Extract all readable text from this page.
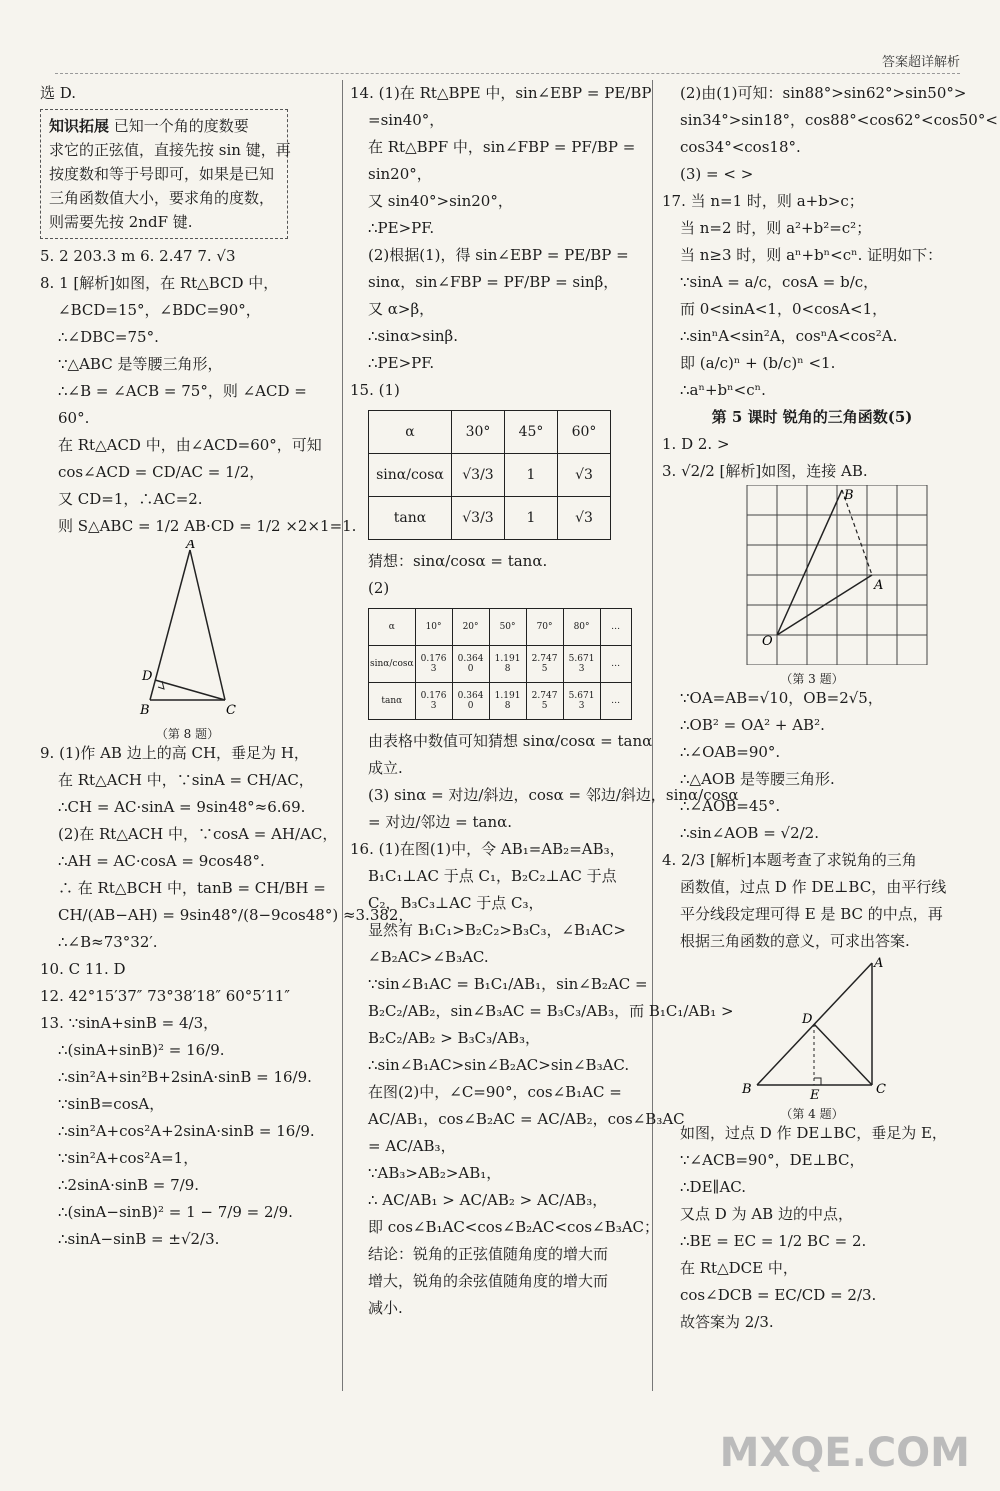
答案超详解析

选 D.

知识拓展 已知一个角的度数要

求它的正弦值，直接先按 sin 键，再

按度数和等于号即可，如果是已知

三角函数值大小，要求角的度数，

则需要先按 2ndF 键.

5. 2 203.3 m 6. 2.47 7. √3

8. 1 [解析]如图，在 Rt△BCD 中，

∠BCD=15°，∠BDC=90°，

∴∠DBC=75°.

∵△ABC 是等腰三角形，

∴∠B = ∠ACB = 75°，则 ∠ACD =

60°.

在 Rt△ACD 中，由∠ACD=60°，可知

cos∠ACD = CD/AC = 1/2，

又 CD=1，∴AC=2.

则 S△ABC = 1/2 AB·CD = 1/2 ×2×1=1.

A
D
B	C
（第 8 题）

9. (1)作 AB 边上的高 CH，垂足为 H，

在 Rt△ACH 中，∵sinA = CH/AC，

∴CH = AC·sinA = 9sin48°≈6.69.

(2)在 Rt△ACH 中，∵cosA = AH/AC，

∴AH = AC·cosA = 9cos48°.

∴ 在 Rt△BCH 中，tanB = CH/BH =

CH/(AB−AH) = 9sin48°/(8−9cos48°) ≈3.382，

∴∠B≈73°32′.

10. C 11. D

12. 42°15′37″ 73°38′18″ 60°5′11″

13. ∵sinA+sinB = 4/3，

∴(sinA+sinB)² = 16/9.

∴sin²A+sin²B+2sinA·sinB = 16/9.

∵sinB=cosA，

∴sin²A+cos²A+2sinA·sinB = 16/9.

∵sin²A+cos²A=1，

∴2sinA·sinB = 7/9.

∴(sinA−sinB)² = 1 − 7/9 = 2/9.

∴sinA−sinB = ±√2/3.

14. (1)在 Rt△BPE 中，sin∠EBP = PE/BP

=sin40°，

在 Rt△BPF 中，sin∠FBP = PF/BP =

sin20°，

又 sin40°>sin20°，

∴PE>PF.

(2)根据(1)，得 sin∠EBP = PE/BP =

sinα，sin∠FBP = PF/BP = sinβ，

又 α>β，

∴sinα>sinβ.

∴PE>PF.

15. (1)

α	30°	45°	60°
sinα/cosα	√3/3	1	√3
tanα	√3/3	1	√3

猜想：sinα/cosα = tanα.

(2)

α	10°	20°	50°	70°	80°	…
sinα/cosα	0.176 3	0.364 0	1.191 8	2.747 5	5.671 3	…
tanα	0.176 3	0.364 0	1.191 8	2.747 5	5.671 3	…

由表格中数值可知猜想 sinα/cosα = tanα

成立.

(3) sinα = 对边/斜边，cosα = 邻边/斜边，sinα/cosα

= 对边/邻边 = tanα.

16. (1)在图(1)中，令 AB₁=AB₂=AB₃，

B₁C₁⊥AC 于点 C₁，B₂C₂⊥AC 于点

C₂，B₃C₃⊥AC 于点 C₃，

显然有 B₁C₁>B₂C₂>B₃C₃，∠B₁AC>

∠B₂AC>∠B₃AC.

∵sin∠B₁AC = B₁C₁/AB₁，sin∠B₂AC =

B₂C₂/AB₂，sin∠B₃AC = B₃C₃/AB₃，而 B₁C₁/AB₁ >

B₂C₂/AB₂ > B₃C₃/AB₃，

∴sin∠B₁AC>sin∠B₂AC>sin∠B₃AC.

在图(2)中，∠C=90°，cos∠B₁AC =

AC/AB₁，cos∠B₂AC = AC/AB₂，cos∠B₃AC

= AC/AB₃，

∵AB₃>AB₂>AB₁，

∴ AC/AB₁ > AC/AB₂ > AC/AB₃，

即 cos∠B₁AC<cos∠B₂AC<cos∠B₃AC；

结论：锐角的正弦值随角度的增大而

增大，锐角的余弦值随角度的增大而

减小.

(2)由(1)可知：sin88°>sin62°>sin50°>

sin34°>sin18°，cos88°<cos62°<cos50°<

cos34°<cos18°.

(3) = < >

17. 当 n=1 时，则 a+b>c；

当 n=2 时，则 a²+b²=c²；

当 n≥3 时，则 aⁿ+bⁿ<cⁿ. 证明如下：

∵sinA = a/c，cosA = b/c，

而 0<sinA<1，0<cosA<1，

∴sinⁿA<sin²A，cosⁿA<cos²A.

即 (a/c)ⁿ + (b/c)ⁿ <1.

∴aⁿ+bⁿ<cⁿ.

第 5 课时 锐角的三角函数(5)

1. D 2. >

3. √2/2 [解析]如图，连接 AB.

B
A
O
（第 3 题）

∵OA=AB=√10，OB=2√5，

∴OB² = OA² + AB².

∴∠OAB=90°.

∴△AOB 是等腰三角形.

∴∠AOB=45°.

∴sin∠AOB = √2/2.

4. 2/3 [解析]本题考查了求锐角的三角

函数值，过点 D 作 DE⊥BC，由平行线

平分线段定理可得 E 是 BC 的中点，再

根据三角函数的意义，可求出答案.

A
D
B	E	C
（第 4 题）

如图，过点 D 作 DE⊥BC，垂足为 E，

∵∠ACB=90°，DE⊥BC，

∴DE∥AC.

又点 D 为 AB 边的中点，

∴BE = EC = 1/2 BC = 2.

在 Rt△DCE 中，

cos∠DCB = EC/CD = 2/3.

故答案为 2/3.

MXQE.COM
